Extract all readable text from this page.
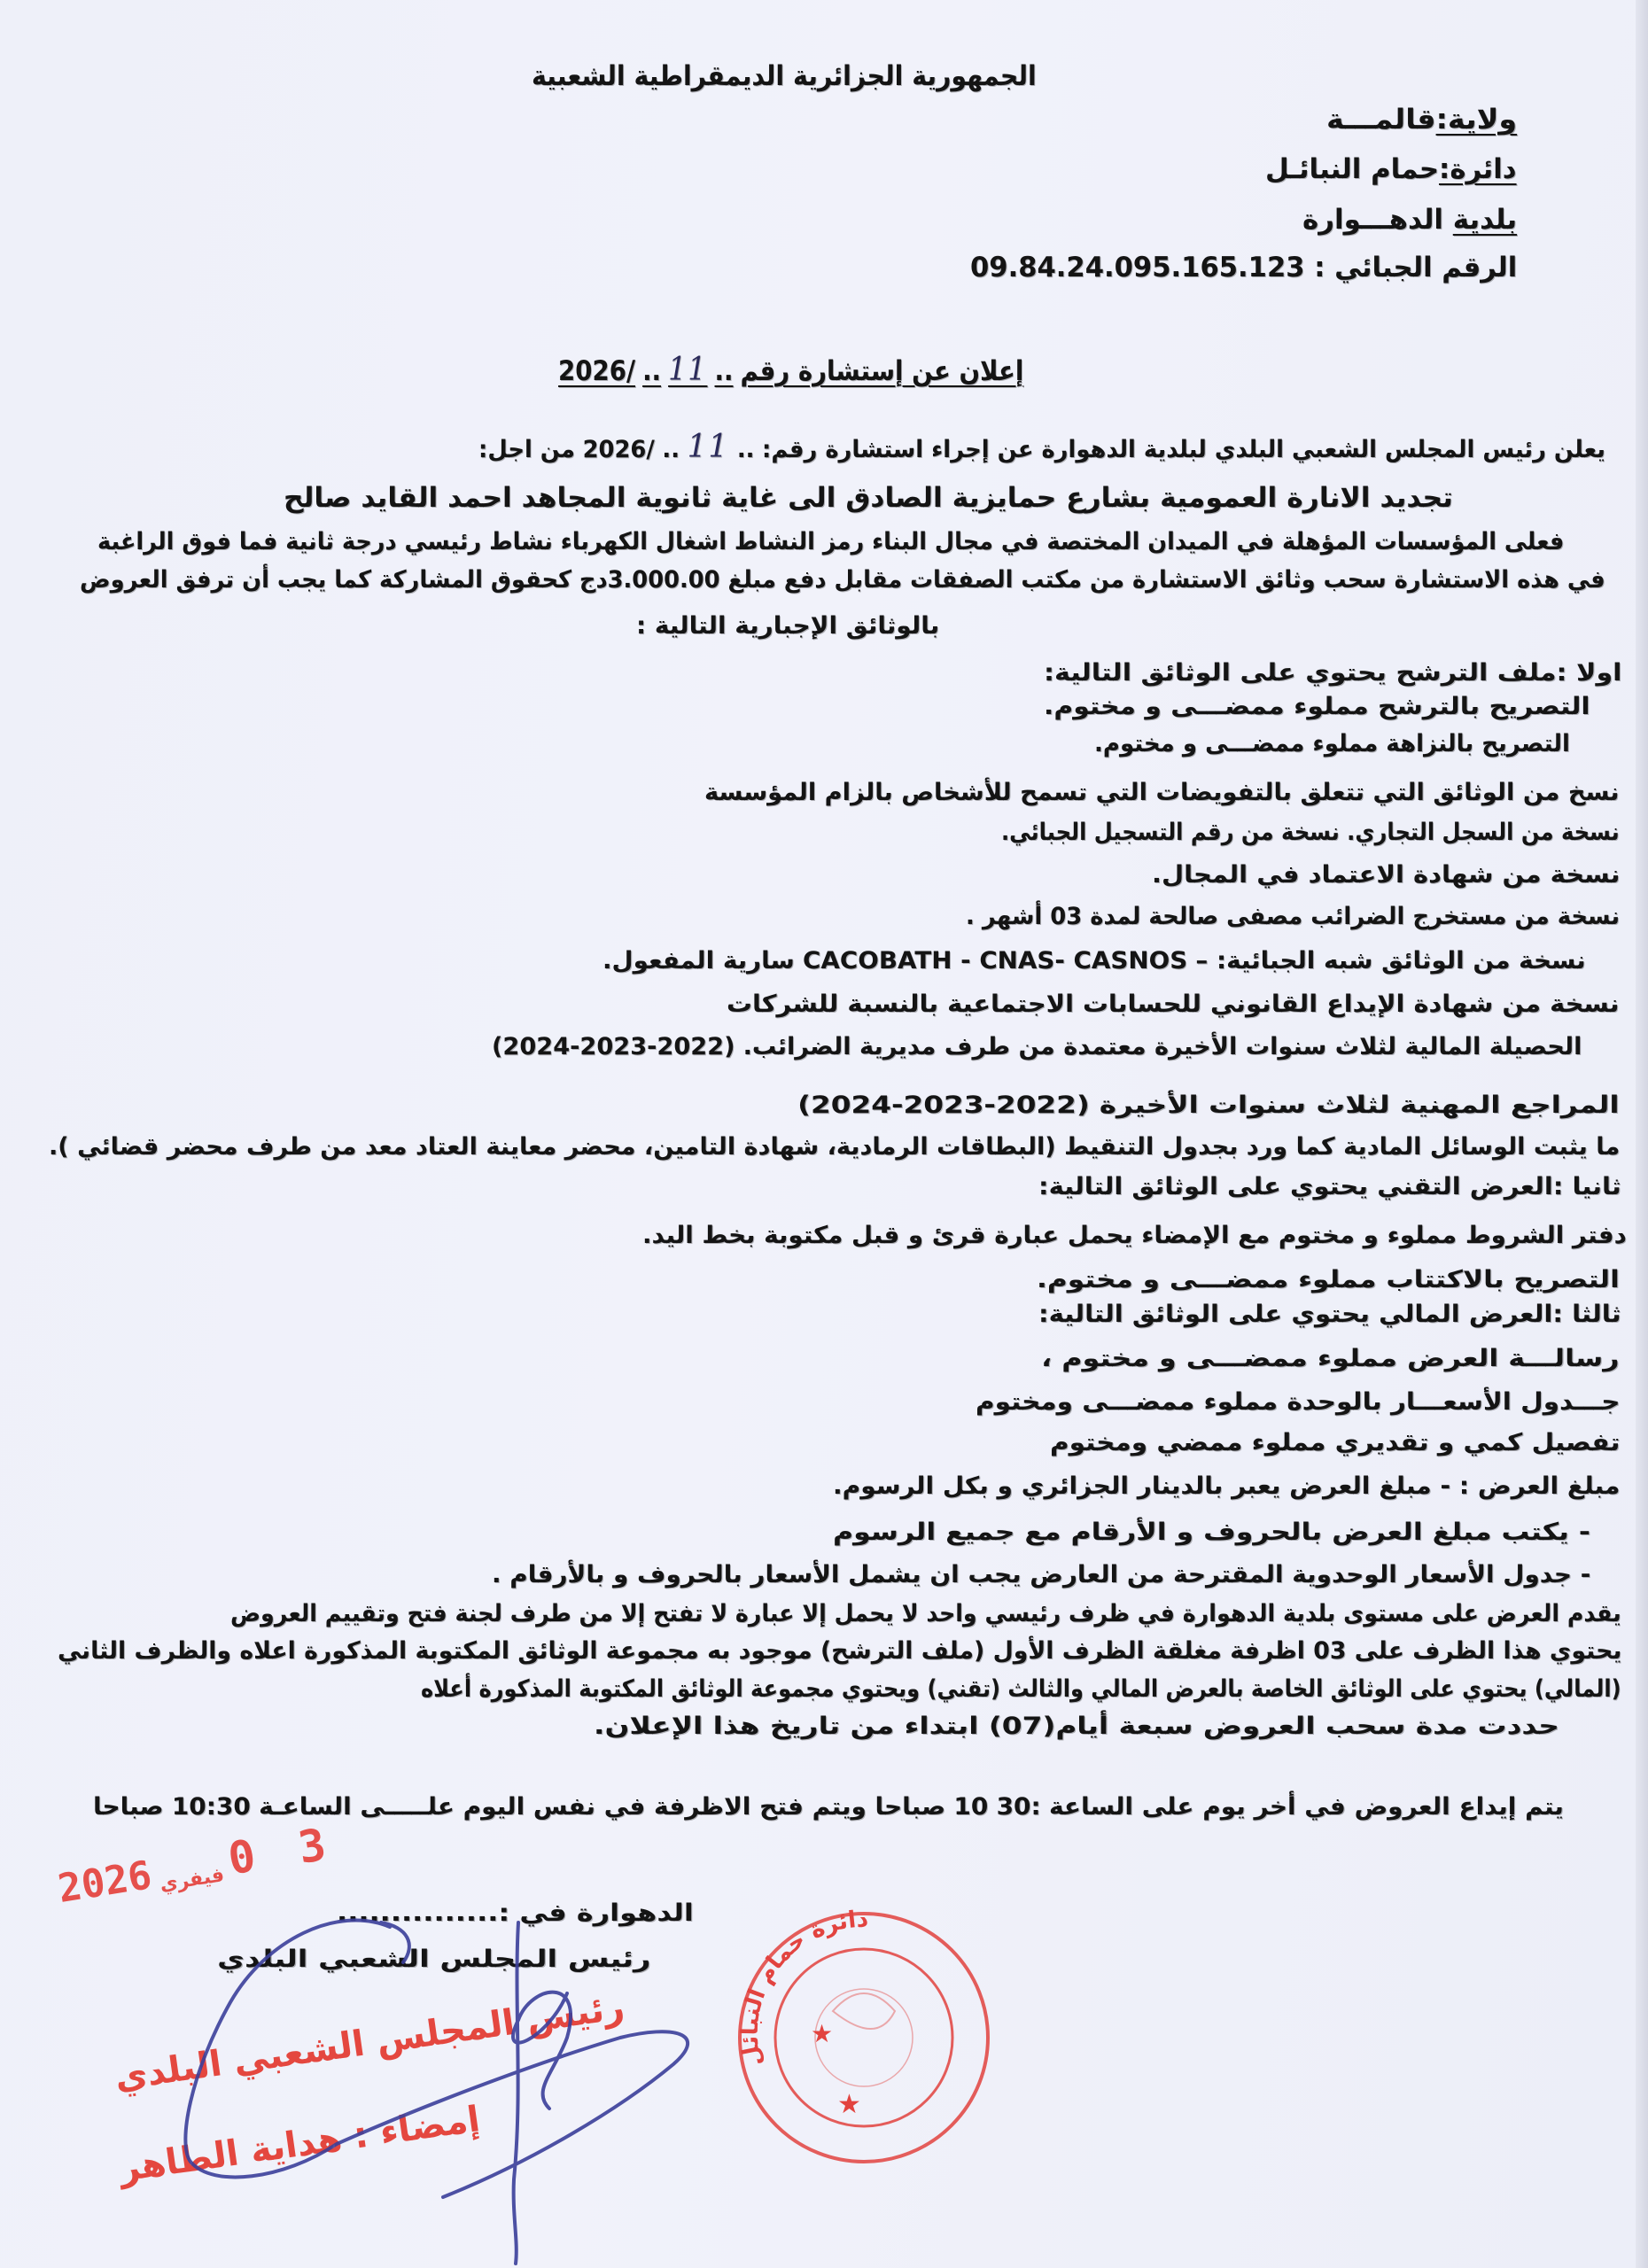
الجمهورية الجزائرية الديمقراطية الشعبية
ولاية:قالمـــة
دائرة:حمام النبائـل
بلدية الدهـــوارة
الرقم الجبائي : 09.84.24.095.165.123
2026/ .. 11 .. إعلان عن إستشارة رقم
من اجل: 2026/ .. 11 .. يعلن رئيس المجلس الشعبي البلدي لبلدية الدهوارة عن إجراء استشارة رقم:
تجديد الانارة العمومية بشارع حمايزية الصادق الى غاية ثانوية المجاهد احمد القايد صالح
فعلى المؤسسات المؤهلة في الميدان المختصة في مجال البناء رمز النشاط اشغال الكهرباء نشاط رئيسي درجة ثانية فما فوق الراغبة
في هذه الاستشارة سحب وثائق الاستشارة من مكتب الصفقات مقابل دفع مبلغ 3.000.00دج كحقوق المشاركة كما يجب أن ترفق العروض
بالوثائق الإجبارية التالية :
اولا :ملف الترشح يحتوي على الوثائق التالية:
التصريح بالترشح مملوء ممضـــى و مختوم.
التصريح بالنزاهة مملوء ممضـــى و مختوم.
نسخ من الوثائق التي تتعلق بالتفويضات التي تسمح للأشخاص بالزام المؤسسة
نسخة من السجل التجاري. نسخة من رقم التسجيل الجبائي.
نسخة من شهادة الاعتماد في المجال.
نسخة من مستخرج الضرائب مصفى صالحة لمدة 03 أشهر .
سارية المفعول. CACOBATH - CNAS- CASNOS نسخة من الوثائق شبه الجبائية: –
نسخة من شهادة الإيداع القانوني للحسابات الاجتماعية بالنسبة للشركات
(2024-2023-2022) الحصيلة المالية لثلاث سنوات الأخيرة معتمدة من طرف مديرية الضرائب.
(2024-2023-2022) المراجع المهنية لثلاث سنوات الأخيرة
ما يثبت الوسائل المادية كما ورد بجدول التنقيط (البطاقات الرمادية، شهادة التامين، محضر معاينة العتاد معد من طرف محضر قضائي ).
ثانيا :العرض التقني يحتوي على الوثائق التالية:
دفتر الشروط مملوء و مختوم مع الإمضاء يحمل عبارة قرئ و قبل مكتوبة بخط اليد.
التصريح بالاكتتاب مملوء ممضـــى و مختوم.
ثالثا :العرض المالي يحتوي على الوثائق التالية:
رسالـــة العرض مملوء ممضـــى و مختوم ،
جـــدول الأسعـــار بالوحدة مملوء ممضـــى ومختوم
تفصيل كمي و تقديري مملوء ممضي ومختوم
مبلغ العرض : - مبلغ العرض يعبر بالدينار الجزائري و بكل الرسوم.
- يكتب مبلغ العرض بالحروف و الأرقام مع جميع الرسوم
- جدول الأسعار الوحدوية المقترحة من العارض يجب ان يشمل الأسعار بالحروف و بالأرقام .
يقدم العرض على مستوى بلدية الدهوارة في ظرف رئيسي واحد لا يحمل إلا عبارة لا تفتح إلا من طرف لجنة فتح وتقييم العروض
يحتوي هذا الظرف على 03 اظرفة مغلقة الظرف الأول (ملف الترشح) موجود به مجموعة الوثائق المكتوبة المذكورة اعلاه والظرف الثاني
(المالي) يحتوي على الوثائق الخاصة بالعرض المالي والثالث (تقني) ويحتوي مجموعة الوثائق المكتوبة المذكورة أعلاه
حددت مدة سحب العروض سبعة أيام(07) ابتداء من تاريخ هذا الإعلان.
صباحا 10:30 صباحا ويتم فتح الاظرفة في نفس اليوم علـــــى الساعـة 10 30: يتم إيداع العروض في أخر يوم على الساعة
الدهوارة في :...............
رئيس المجلس الشعبي البلدي
2026 فيفري
0 3
دائرة حمام النبائل
★
★
رئيس المجلس الشعبي البلدي
إمضاء : هداية الطاهر
